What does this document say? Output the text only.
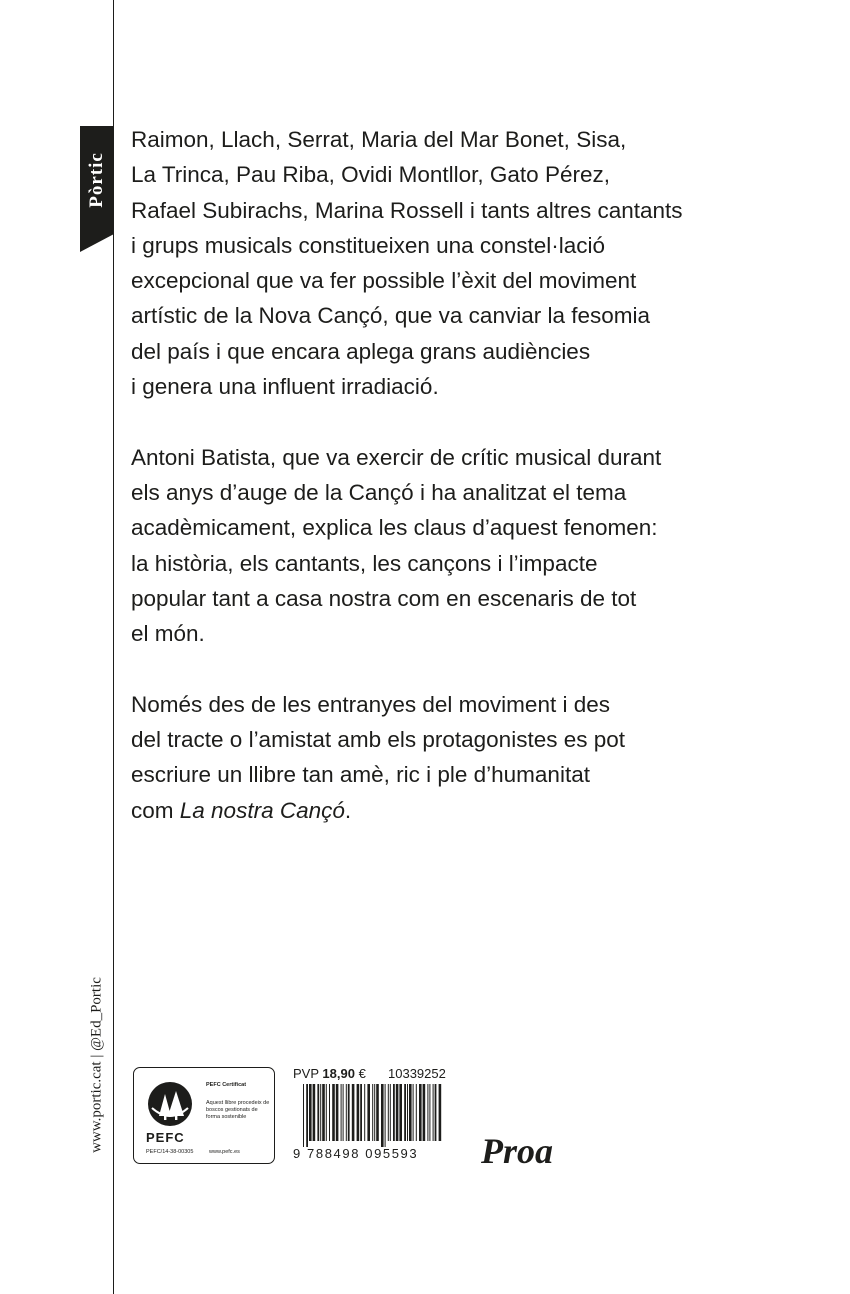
Pòrtic
www.portic.cat | @Ed_Portic

Raimon, Llach, Serrat, Maria del Mar Bonet, Sisa,
La Trinca, Pau Riba, Ovidi Montllor, Gato Pérez,
Rafael Subirachs, Marina Rossell i tants altres cantants
i grups musicals constitueixen una constel·lació
excepcional que va fer possible l’èxit del moviment
artístic de la Nova Cançó, que va canviar la fesomia
del país i que encara aplega grans audiències
i genera una influent irradiació.

Antoni Batista, que va exercir de crític musical durant
els anys d’auge de la Cançó i ha analitzat el tema
acadèmicament, explica les claus d’aquest fenomen:
la història, els cantants, les cançons i l’impacte
popular tant a casa nostra com en escenaris de tot
el món.

Només des de les entranyes del moviment i des
del tracte o l’amistat amb els protagonistes es pot
escriure un llibre tan amè, ric i ple d’humanitat
com La nostra Cançó.

PEFC
PEFC Certificat
Aquest llibre procedeix de boscos gestionats de forma sostenible
PEFC/14-38-00305	www.pefc.es
PVP 18,90 € 10339252
9 788498 095593 Proa
